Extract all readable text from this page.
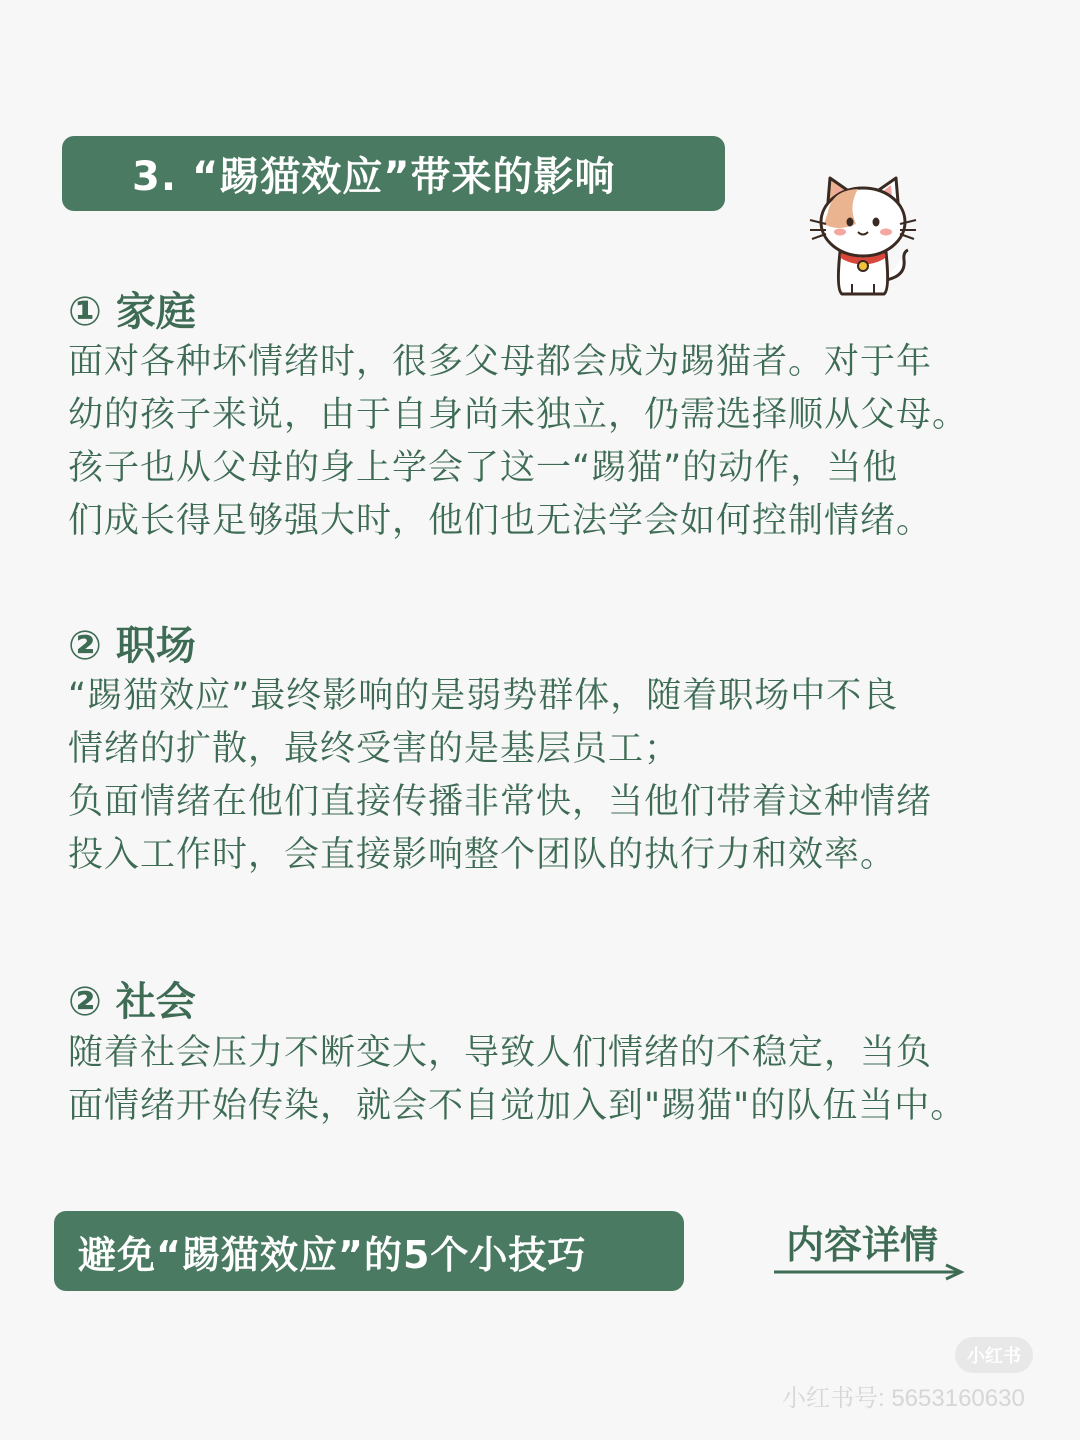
3. “踢猫效应”带来的影响
① 家庭
面对各种坏情绪时，很多父母都会成为踢猫者。对于年
幼的孩子来说，由于自身尚未独立，仍需选择顺从父母。
孩子也从父母的身上学会了这一“踢猫”的动作，当他
们成长得足够强大时，他们也无法学会如何控制情绪。
② 职场
“踢猫效应”最终影响的是弱势群体，随着职场中不良
情绪的扩散，最终受害的是基层员工；
负面情绪在他们直接传播非常快，当他们带着这种情绪
投入工作时，会直接影响整个团队的执行力和效率。
② 社会
随着社会压力不断变大，导致人们情绪的不稳定，当负
面情绪开始传染，就会不自觉加入到"踢猫"的队伍当中。
避免“踢猫效应”的5个小技巧	内容详情
小红书
小红书号: 5653160630
